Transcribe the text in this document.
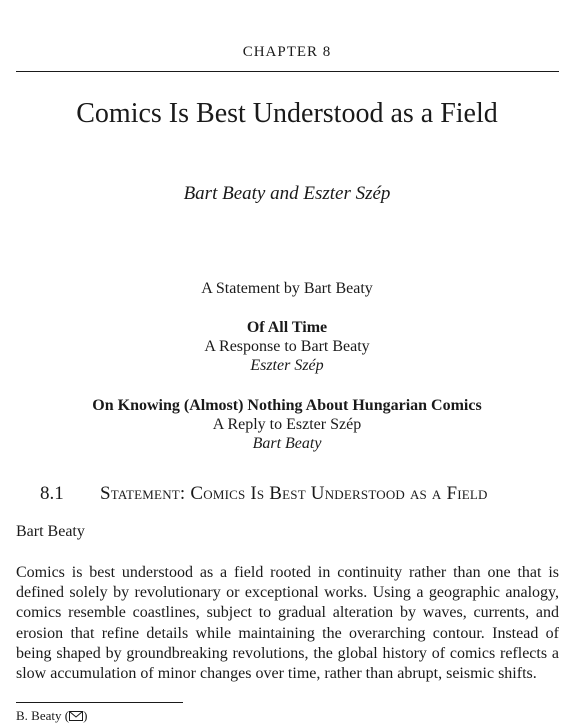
CHAPTER 8
Comics Is Best Understood as a Field
Bart Beaty and Eszter Szép
A Statement by Bart Beaty
Of All Time
A Response to Bart Beaty
Eszter Szép
On Knowing (Almost) Nothing About Hungarian Comics
A Reply to Eszter Szép
Bart Beaty
8.1 Statement: Comics Is Best Understood as a Field
Bart Beaty

Comics is best understood as a field rooted in continuity rather than one that is defined solely by revolutionary or exceptional works. Using a geographic analogy, comics resemble coastlines, subject to gradual alteration by waves, currents, and erosion that refine details while maintaining the overarching contour. Instead of being shaped by groundbreaking revolutions, the global history of comics reflects a slow accumulation of minor changes over time, rather than abrupt, seismic shifts.

B. Beaty ( )
